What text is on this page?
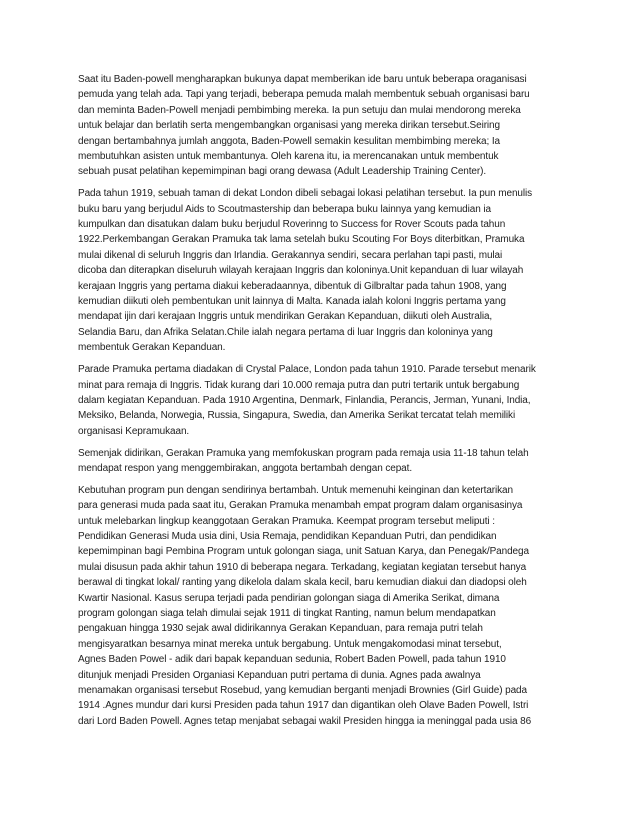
Saat itu Baden-powell mengharapkan bukunya dapat memberikan ide baru untuk beberapa oraganisasi
pemuda yang telah ada. Tapi yang terjadi, beberapa pemuda malah membentuk sebuah organisasi baru
dan meminta Baden-Powell menjadi pembimbing mereka. Ia pun setuju dan mulai mendorong mereka
untuk belajar dan berlatih serta mengembangkan organisasi yang mereka dirikan tersebut.Seiring
dengan bertambahnya jumlah anggota, Baden-Powell semakin kesulitan membimbing mereka; Ia
membutuhkan asisten untuk membantunya. Oleh karena itu, ia merencanakan untuk membentuk
sebuah pusat pelatihan kepemimpinan bagi orang dewasa (Adult Leadership Training Center).
Pada tahun 1919, sebuah taman di dekat London dibeli sebagai lokasi pelatihan tersebut. Ia pun menulis
buku baru yang berjudul Aids to Scoutmastership dan beberapa buku lainnya yang kemudian ia
kumpulkan dan disatukan dalam buku berjudul Roverinng to Success for Rover Scouts pada tahun
1922.Perkembangan Gerakan Pramuka tak lama setelah buku Scouting For Boys diterbitkan, Pramuka
mulai dikenal di seluruh Inggris dan Irlandia. Gerakannya sendiri, secara perlahan tapi pasti, mulai
dicoba dan diterapkan diseluruh wilayah kerajaan Inggris dan koloninya.Unit kepanduan di luar wilayah
kerajaan Inggris yang pertama diakui keberadaannya, dibentuk di Gilbraltar pada tahun 1908, yang
kemudian diikuti oleh pembentukan unit lainnya di Malta. Kanada ialah koloni Inggris pertama yang
mendapat ijin dari kerajaan Inggris untuk mendirikan Gerakan Kepanduan, diikuti oleh Australia,
Selandia Baru, dan Afrika Selatan.Chile ialah negara pertama di luar Inggris dan koloninya yang
membentuk Gerakan Kepanduan.
Parade Pramuka pertama diadakan di Crystal Palace, London pada tahun 1910. Parade tersebut menarik
minat para remaja di Inggris. Tidak kurang dari 10.000 remaja putra dan putri tertarik untuk bergabung
dalam kegiatan Kepanduan. Pada 1910 Argentina, Denmark, Finlandia, Perancis, Jerman, Yunani, India,
Meksiko, Belanda, Norwegia, Russia, Singapura, Swedia, dan Amerika Serikat tercatat telah memiliki
organisasi Kepramukaan.
Semenjak didirikan, Gerakan Pramuka yang memfokuskan program pada remaja usia 11-18 tahun telah
mendapat respon yang menggembirakan, anggota bertambah dengan cepat.
Kebutuhan program pun dengan sendirinya bertambah. Untuk memenuhi keinginan dan ketertarikan
para generasi muda pada saat itu, Gerakan Pramuka menambah empat program dalam organisasinya
untuk melebarkan lingkup keanggotaan Gerakan Pramuka. Keempat program tersebut meliputi :
Pendidikan Generasi Muda usia dini, Usia Remaja, pendidikan Kepanduan Putri, dan pendidikan
kepemimpinan bagi Pembina Program untuk golongan siaga, unit Satuan Karya, dan Penegak/Pandega
mulai disusun pada akhir tahun 1910 di beberapa negara. Terkadang, kegiatan kegiatan tersebut hanya
berawal di tingkat lokal/ ranting yang dikelola dalam skala kecil, baru kemudian diakui dan diadopsi oleh
Kwartir Nasional. Kasus serupa terjadi pada pendirian golongan siaga di Amerika Serikat, dimana
program golongan siaga telah dimulai sejak 1911 di tingkat Ranting, namun belum mendapatkan
pengakuan hingga 1930 sejak awal didirikannya Gerakan Kepanduan, para remaja putri telah
mengisyaratkan besarnya minat mereka untuk bergabung. Untuk mengakomodasi minat tersebut,
Agnes Baden Powel - adik dari bapak kepanduan sedunia, Robert Baden Powell, pada tahun 1910
ditunjuk menjadi Presiden Organiasi Kepanduan putri pertama di dunia. Agnes pada awalnya
menamakan organisasi tersebut Rosebud, yang kemudian berganti menjadi Brownies (Girl Guide) pada
1914 .Agnes mundur dari kursi Presiden pada tahun 1917 dan digantikan oleh Olave Baden Powell, Istri
dari Lord Baden Powell. Agnes tetap menjabat sebagai wakil Presiden hingga ia meninggal pada usia 86
